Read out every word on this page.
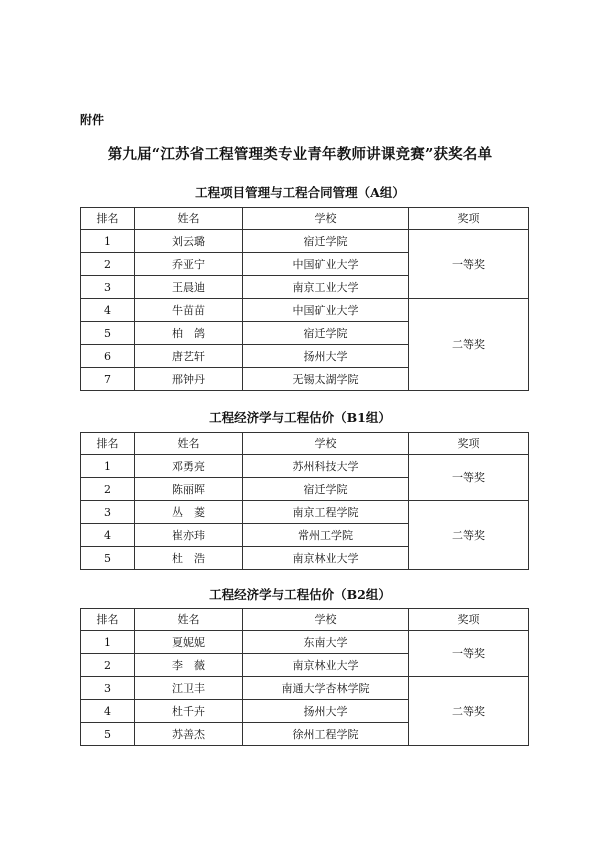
附件
第九届“江苏省工程管理类专业青年教师讲课竞赛”获奖名单
工程项目管理与工程合同管理（A组）
排名	姓名	学校	奖项
1	刘云璐	宿迁学院	一等奖
2	乔亚宁	中国矿业大学	
3	王晨迪	南京工业大学	
4	牛苗苗	中国矿业大学	二等奖
5	柏　鸽	宿迁学院	
6	唐艺轩	扬州大学	
7	邢钟丹	无锡太湖学院	
工程经济学与工程估价（B1组）
排名	姓名	学校	奖项
1	邓勇亮	苏州科技大学	一等奖
2	陈丽晖	宿迁学院	
3	丛　菱	南京工程学院	二等奖
4	崔亦玮	常州工学院	
5	杜　浩	南京林业大学	
工程经济学与工程估价（B2组）
排名	姓名	学校	奖项
1	夏妮妮	东南大学	一等奖
2	李　薇	南京林业大学	
3	江卫丰	南通大学杏林学院	二等奖
4	杜千卉	扬州大学	
5	苏善杰	徐州工程学院	
